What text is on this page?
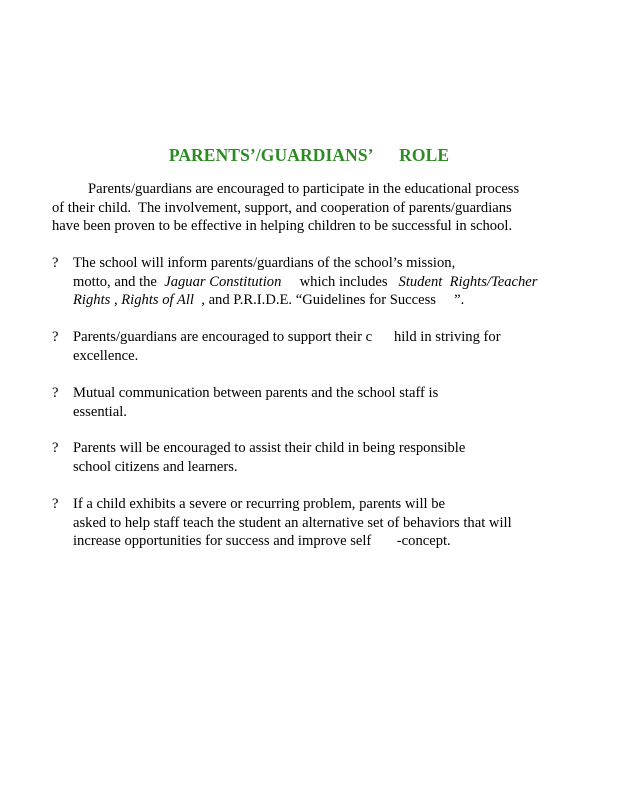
PARENTS’/GUARDIANS’      ROLE
Parents/guardians are encouraged to participate in the educational process
of their child.  The involvement, support, and cooperation of parents/guardians
have been proven to be effective in helping children to be successful in school.
? The school will inform parents/guardians of the school’s mission,
motto, and the  Jaguar Constitution     which includes   Student  Rights/Teacher
Rights , Rights of All  , and P.R.I.D.E. “Guidelines for Success     ”.
? Parents/guardians are encouraged to support their c      hild in striving for
excellence.
? Mutual communication between parents and the school staff is
essential.
? Parents will be encouraged to assist their child in being responsible
school citizens and learners.
? If a child exhibits a severe or recurring problem, parents will be
asked to help staff teach the student an alternative set of behaviors that will
increase opportunities for success and improve self       -concept.
